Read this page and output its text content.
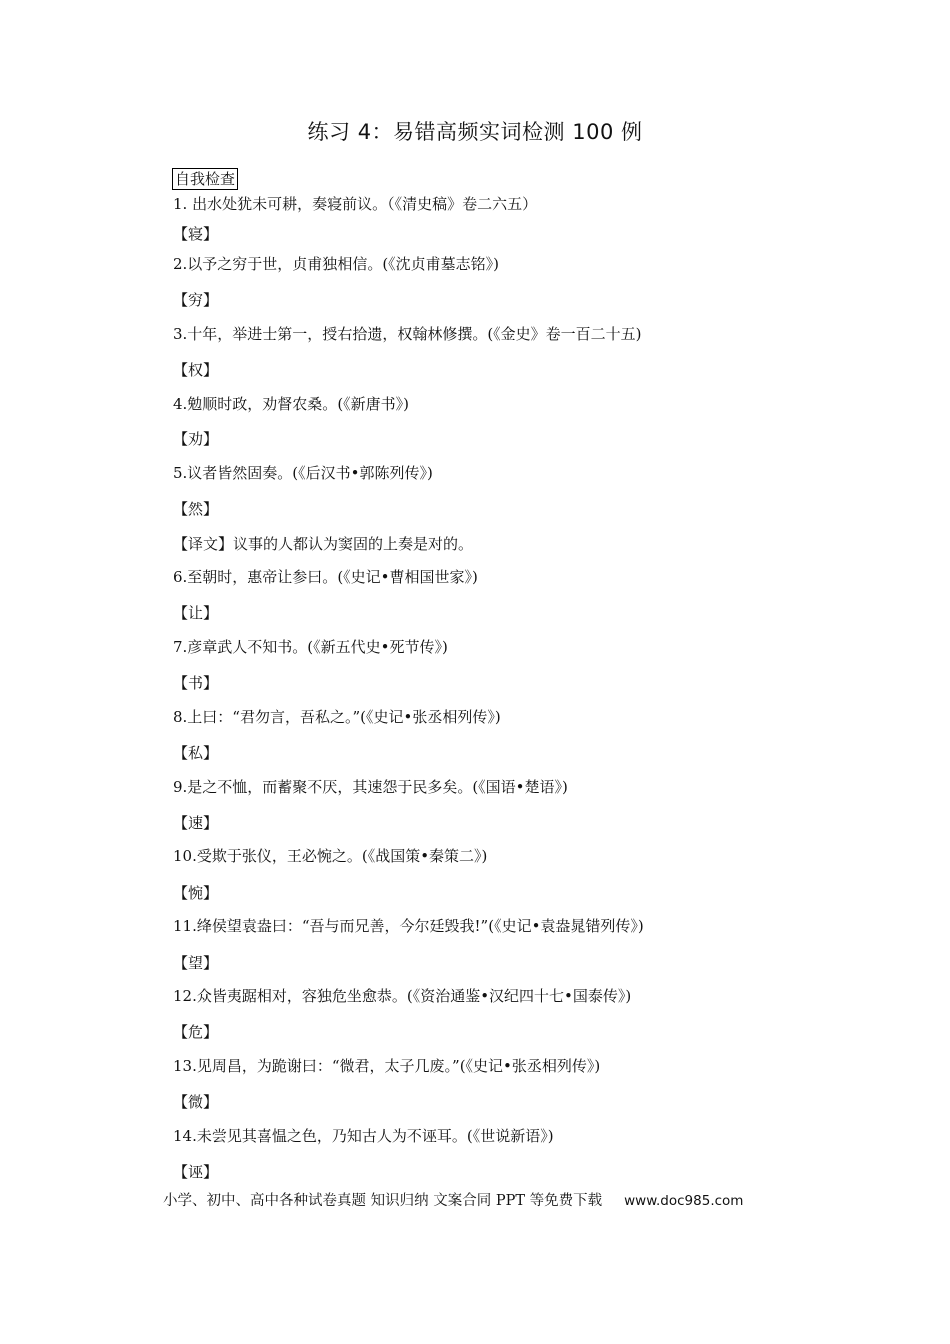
练习 4：易错高频实词检测 100 例
自我检查
1. 出水处犹未可耕，奏寝前议。（《清史稿》卷二六五）
【寝】
2.以予之穷于世，贞甫独相信。(《沈贞甫墓志铭》)
【穷】
3.十年，举进士第一，授右拾遗，权翰林修撰。(《金史》卷一百二十五)
【权】
4.勉顺时政，劝督农桑。(《新唐书》)
【劝】
5.议者皆然固奏。(《后汉书•郭陈列传》)
【然】
【译文】议事的人都认为窦固的上奏是对的。
6.至朝时，惠帝让参曰。(《史记•曹相国世家》)
【让】
7.彦章武人不知书。(《新五代史•死节传》)
【书】
8.上曰：“君勿言，吾私之。”(《史记•张丞相列传》)
【私】
9.是之不恤，而蓄聚不厌，其速怨于民多矣。(《国语•楚语》)
【速】
10.受欺于张仪，王必惋之。(《战国策•秦策二》)
【惋】
11.绛侯望袁盎曰：“吾与而兄善，今尔廷毁我!”(《史记•袁盎晁错列传》)
【望】
12.众皆夷踞相对，容独危坐愈恭。(《资治通鉴•汉纪四十七•国泰传》)
【危】
13.见周昌，为跪谢曰：“微君，太子几废。”(《史记•张丞相列传》)
【微】
14.未尝见其喜愠之色，乃知古人为不诬耳。(《世说新语》)
【诬】
小学、初中、高中各种试卷真题 知识归纳 文案合同 PPT 等免费下载 www.doc985.com
